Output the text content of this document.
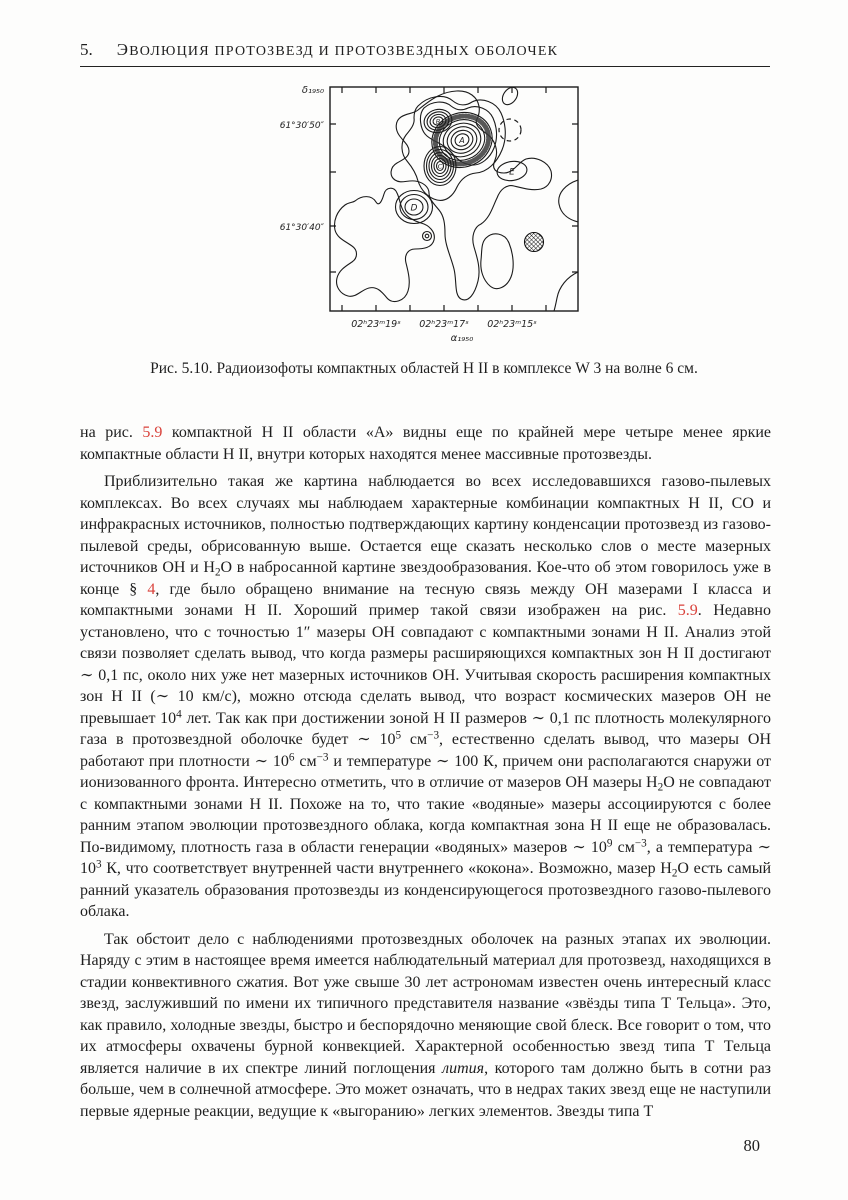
5. ЭВОЛЮЦИЯ ПРОТОЗВЕЗД И ПРОТОЗВЕЗДНЫХ ОБОЛОЧЕК
A
B
C
D
E
δ₁₉₅₀
61°30′50″
61°30′40″
02ʰ23ᵐ19ˢ 02ʰ23ᵐ17ˢ 02ʰ23ᵐ15ˢ
α₁₉₅₀
Рис. 5.10. Радиоизофоты компактных областей H II в комплексе W 3 на волне 6 см.

на рис. 5.9 компактной H II области «А» видны еще по крайней мере четыре менее яркие компактные области H II, внутри которых находятся менее массивные протозвезды.

Приблизительно такая же картина наблюдается во всех исследовавшихся газово-пылевых комплексах. Во всех случаях мы наблюдаем характерные комбинации компактных H II, CO и инфракрасных источников, полностью подтверждающих картину конденсации протозвезд из газово-пылевой среды, обрисованную выше. Остается еще сказать несколько слов о месте мазерных источников OH и $H_2O$ в набросанной картине звездообразования. Кое-что об этом говорилось уже в конце § 4, где было обращено внимание на тесную связь между OH мазерами I класса и компактными зонами H II. Хороший пример такой связи изображен на рис. 5.9. Недавно установлено, что с точностью 1″ мазеры OH совпадают с компактными зонами H II. Анализ этой связи позволяет сделать вывод, что когда размеры расширяющихся компактных зон H II достигают ∼ 0,1 пс, около них уже нет мазерных источников OH. Учитывая скорость расширения компактных зон H II (∼ 10 км/с), можно отсюда сделать вывод, что возраст космических мазеров OH не превышает $10^4$ лет. Так как при достижении зоной H II размеров ∼ 0,1 пс плотность молекулярного газа в протозвездной оболочке будет ∼ $10^5$ $см^{-3}$, естественно сделать вывод, что мазеры OH работают при плотности ∼ $10^6$ $см^{-3}$ и температуре ∼ 100 К, причем они располагаются снаружи от ионизованного фронта. Интересно отметить, что в отличие от мазеров OH мазеры $H_2O$ не совпадают с компактными зонами H II. Похоже на то, что такие «водяные» мазеры ассоциируются с более ранним этапом эволюции протозвездного облака, когда компактная зона H II еще не образовалась. По-видимому, плотность газа в области генерации «водяных» мазеров ∼ $10^9$ $см^{-3}$, а температура ∼ $10^3$ К, что соответствует внутренней части внутреннего «кокона». Возможно, мазер $H_2O$ есть самый ранний указатель образования протозвезды из конденсирующегося протозвездного газово-пылевого облака.

Так обстоит дело с наблюдениями протозвездных оболочек на разных этапах их эволюции. Наряду с этим в настоящее время имеется наблюдательный материал для протозвезд, находящихся в стадии конвективного сжатия. Вот уже свыше 30 лет астрономам известен очень интересный класс звезд, заслуживший по имени их типичного представителя название «звёзды типа Т Тельца». Это, как правило, холодные звезды, быстро и беспорядочно меняющие свой блеск. Все говорит о том, что их атмосферы охвачены бурной конвекцией. Характерной особенностью звезд типа Т Тельца является наличие в их спектре линий поглощения лития, которого там должно быть в сотни раз больше, чем в солнечной атмосфере. Это может означать, что в недрах таких звезд еще не наступили первые ядерные реакции, ведущие к «выгоранию» легких элементов. Звезды типа Т

80
